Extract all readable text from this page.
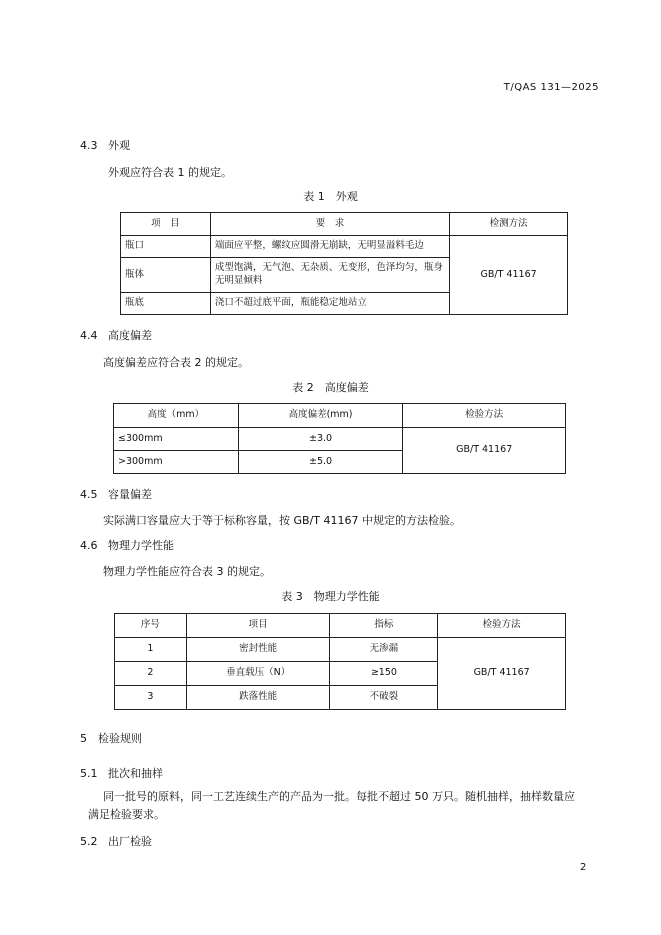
T/QAS 131—2025
4.3 外观
外观应符合表 1 的规定。
表 1　外观
项　目	要　求	检测方法
瓶口	端面应平整，螺纹应圆滑无崩缺，无明显溢料毛边	GB/T 41167
瓶体	成型饱满，无气泡、无杂质、无变形，色泽均匀，瓶身无明显倾料	
瓶底	浇口不超过底平面，瓶能稳定地站立	
4.4 高度偏差
高度偏差应符合表 2 的规定。
表 2　高度偏差
高度（mm）	高度偏差(mm)	检验方法
≤300mm	±3.0	GB/T 41167
>300mm	±5.0	
4.5 容量偏差
实际满口容量应大于等于标称容量，按 GB/T 41167 中规定的方法检验。
4.6 物理力学性能
物理力学性能应符合表 3 的规定。
表 3　物理力学性能
序号	项目	指标	检验方法
1	密封性能	无渗漏	GB/T 41167
2	垂直载压（N）	≥150	
3	跌落性能	不破裂	
5 检验规则
5.1 批次和抽样
同一批号的原料，同一工艺连续生产的产品为一批。每批不超过 50 万只。随机抽样，抽样数量应
满足检验要求。
5.2 出厂检验
2
